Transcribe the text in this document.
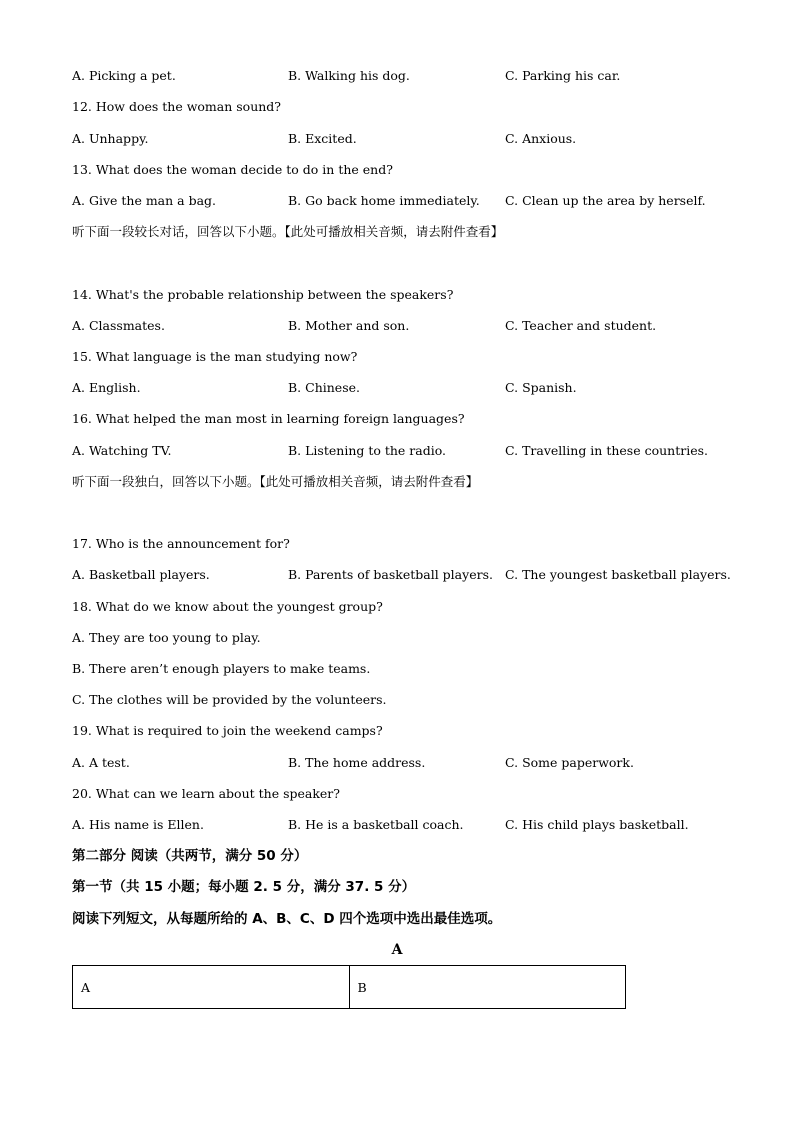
A. Picking a pet.	B. Walking his dog.	C. Parking his car.
12. How does the woman sound?
A. Unhappy.	B. Excited.	C. Anxious.
13. What does the woman decide to do in the end?
A. Give the man a bag.	B. Go back home immediately. C. Clean up the area by herself.
听下面一段较长对话，回答以下小题。【此处可播放相关音频，请去附件查看】
14. What's the probable relationship between the speakers?
A. Classmates.	B. Mother and son.	C. Teacher and student.
15. What language is the man studying now?
A. English.	B. Chinese.	C. Spanish.
16. What helped the man most in learning foreign languages?
A. Watching TV.	B. Listening to the radio.	C. Travelling in these countries.
听下面一段独白，回答以下小题。【此处可播放相关音频，请去附件查看】
17. Who is the announcement for?
A. Basketball players.	B. Parents of basketball players. C. The youngest basketball players.
18. What do we know about the youngest group?
A. They are too young to play.
B. There aren’t enough players to make teams.
C. The clothes will be provided by the volunteers.
19. What is required to join the weekend camps?
A. A test.	B. The home address.	C. Some paperwork.
20. What can we learn about the speaker?
A. His name is Ellen.	B. He is a basketball coach.	C. His child plays basketball.
第二部分 阅读（共两节，满分 50 分）
第一节（共 15 小题；每小题 2. 5 分，满分 37. 5 分）
阅读下列短文，从每题所给的 A、B、C、D 四个选项中选出最佳选项。
A
A	B
